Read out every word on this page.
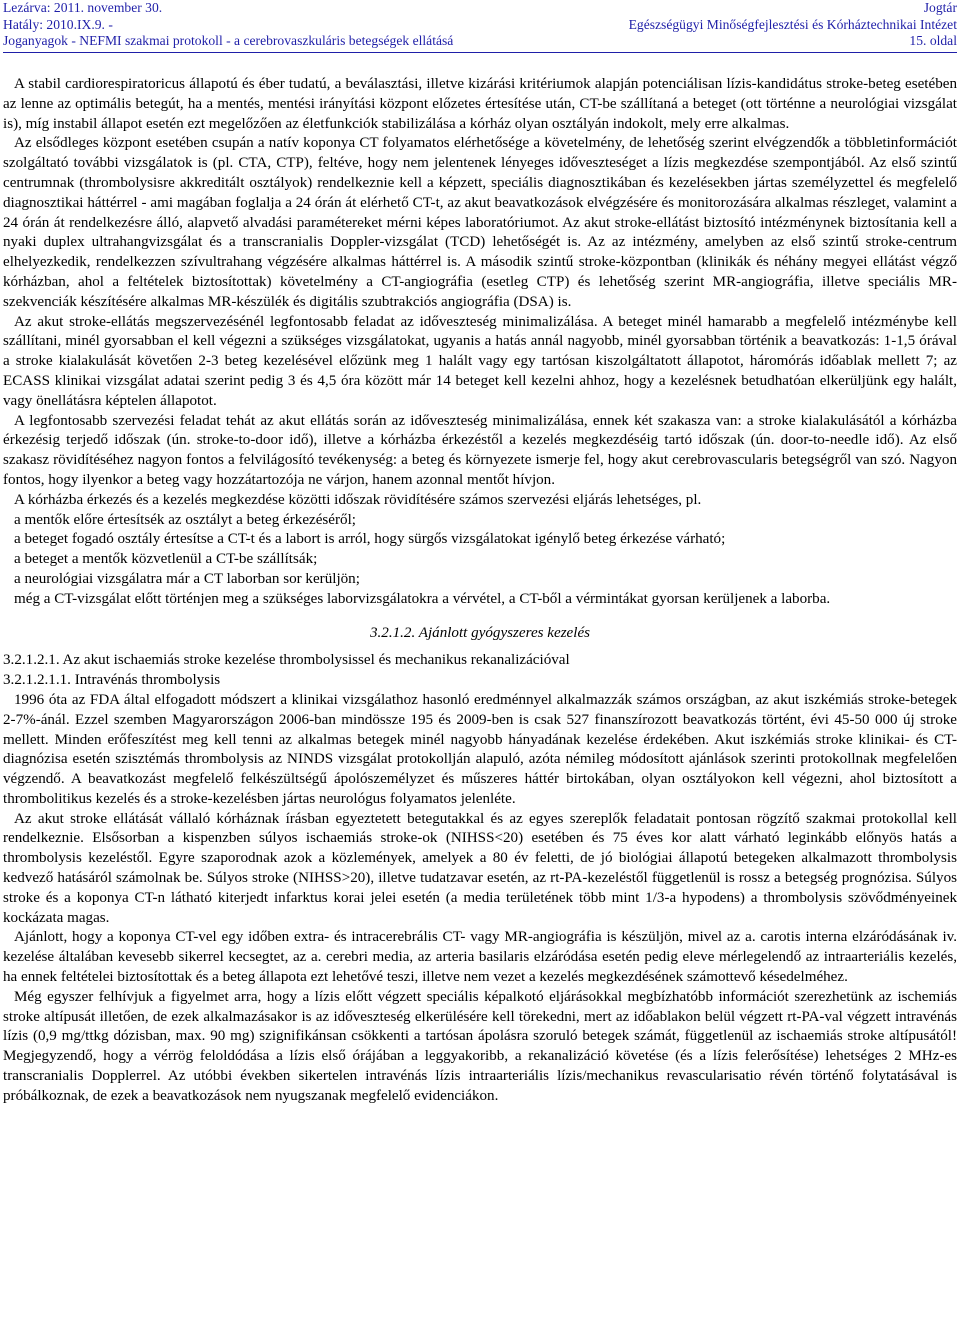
Lezárva: 2011. november 30.	Jogtár
Hatály: 2010.IX.9. -	Egészségügyi Minőségfejlesztési és Kórháztechnikai Intézet
Joganyagok - NEFMI szakmai protokoll - a cerebrovaszkuláris betegségek ellátásá	15. oldal

A stabil cardiorespiratoricus állapotú és éber tudatú, a beválasztási, illetve kizárási kritériumok alapján potenciálisan lízis-kandidátus stroke-beteg esetében az lenne az optimális betegút, ha a mentés, mentési irányítási központ előzetes értesítése után, CT-be szállítaná a beteget (ott történne a neurológiai vizsgálat is), míg instabil állapot esetén ezt megelőzően az életfunkciók stabilizálása a kórház olyan osztályán indokolt, mely erre alkalmas.

Az elsődleges központ esetében csupán a natív koponya CT folyamatos elérhetősége a követelmény, de lehetőség szerint elvégzendők a többletinformációt szolgáltató további vizsgálatok is (pl. CTA, CTP), feltéve, hogy nem jelentenek lényeges időveszteséget a lízis megkezdése szempontjából. Az első szintű centrumnak (thrombolysisre akkreditált osztályok) rendelkeznie kell a képzett, speciális diagnosztikában és kezelésekben jártas személyzettel és megfelelő diagnosztikai háttérrel - ami magában foglalja a 24 órán át elérhető CT-t, az akut beavatkozások elvégzésére és monitorozására alkalmas részleget, valamint a 24 órán át rendelkezésre álló, alapvető alvadási paramétereket mérni képes laboratóriumot. Az akut stroke-ellátást biztosító intézménynek biztosítania kell a nyaki duplex ultrahangvizsgálat és a transcranialis Doppler-vizsgálat (TCD) lehetőségét is. Az az intézmény, amelyben az első szintű stroke-centrum elhelyezkedik, rendelkezzen szívultrahang végzésére alkalmas háttérrel is. A második szintű stroke-központban (klinikák és néhány megyei ellátást végző kórházban, ahol a feltételek biztosítottak) követelmény a CT-angiográfia (esetleg CTP) és lehetőség szerint MR-angiográfia, illetve speciális MR-szekvenciák készítésére alkalmas MR-készülék és digitális szubtrakciós angiográfia (DSA) is.

Az akut stroke-ellátás megszervezésénél legfontosabb feladat az időveszteség minimalizálása. A beteget minél hamarabb a megfelelő intézménybe kell szállítani, minél gyorsabban el kell végezni a szükséges vizsgálatokat, ugyanis a hatás annál nagyobb, minél gyorsabban történik a beavatkozás: 1-1,5 órával a stroke kialakulását követően 2-3 beteg kezelésével előzünk meg 1 halált vagy egy tartósan kiszolgáltatott állapotot, háromórás időablak mellett 7; az ECASS klinikai vizsgálat adatai szerint pedig 3 és 4,5 óra között már 14 beteget kell kezelni ahhoz, hogy a kezelésnek betudhatóan elkerüljünk egy halált, vagy önellátásra képtelen állapotot.

A legfontosabb szervezési feladat tehát az akut ellátás során az időveszteség minimalizálása, ennek két szakasza van: a stroke kialakulásától a kórházba érkezésig terjedő időszak (ún. stroke-to-door idő), illetve a kórházba érkezéstől a kezelés megkezdéséig tartó időszak (ún. door-to-needle idő). Az első szakasz rövidítéséhez nagyon fontos a felvilágosító tevékenység: a beteg és környezete ismerje fel, hogy akut cerebrovascularis betegségről van szó. Nagyon fontos, hogy ilyenkor a beteg vagy hozzátartozója ne várjon, hanem azonnal mentőt hívjon.

A kórházba érkezés és a kezelés megkezdése közötti időszak rövidítésére számos szervezési eljárás lehetséges, pl.

a mentők előre értesítsék az osztályt a beteg érkezéséről;

a beteget fogadó osztály értesítse a CT-t és a labort is arról, hogy sürgős vizsgálatokat igénylő beteg érkezése várható;

a beteget a mentők közvetlenül a CT-be szállítsák;

a neurológiai vizsgálatra már a CT laborban sor kerüljön;

még a CT-vizsgálat előtt történjen meg a szükséges laborvizsgálatokra a vérvétel, a CT-ből a vérmintákat gyorsan kerüljenek a laborba.

3.2.1.2. Ajánlott gyógyszeres kezelés

3.2.1.2.1. Az akut ischaemiás stroke kezelése thrombolysissel és mechanikus rekanalizációval

3.2.1.2.1.1. Intravénás thrombolysis

1996 óta az FDA által elfogadott módszert a klinikai vizsgálathoz hasonló eredménnyel alkalmazzák számos országban, az akut iszkémiás stroke-betegek 2-7%-ánál. Ezzel szemben Magyarországon 2006-ban mindössze 195 és 2009-ben is csak 527 finanszírozott beavatkozás történt, évi 45-50 000 új stroke mellett. Minden erőfeszítést meg kell tenni az alkalmas betegek minél nagyobb hányadának kezelése érdekében. Akut iszkémiás stroke klinikai- és CT-diagnózisa esetén szisztémás thrombolysis az NINDS vizsgálat protokollján alapuló, azóta némileg módosított ajánlások szerinti protokollnak megfelelően végzendő. A beavatkozást megfelelő felkészültségű ápolószemélyzet és műszeres háttér birtokában, olyan osztályokon kell végezni, ahol biztosított a thrombolitikus kezelés és a stroke-kezelésben jártas neurológus folyamatos jelenléte.

Az akut stroke ellátását vállaló kórháznak írásban egyeztetett betegutakkal és az egyes szereplők feladatait pontosan rögzítő szakmai protokollal kell rendelkeznie. Elsősorban a kispenzben súlyos ischaemiás stroke-ok (NIHSS<20) esetében és 75 éves kor alatt várható leginkább előnyös hatás a thrombolysis kezeléstől. Egyre szaporodnak azok a közlemények, amelyek a 80 év feletti, de jó biológiai állapotú betegeken alkalmazott thrombolysis kedvező hatásáról számolnak be. Súlyos stroke (NIHSS>20), illetve tudatzavar esetén, az rt-PA-kezeléstől függetlenül is rossz a betegség prognózisa. Súlyos stroke és a koponya CT-n látható kiterjedt infarktus korai jelei esetén (a media területének több mint 1/3-a hypodens) a thrombolysis szövődményeinek kockázata magas.

Ajánlott, hogy a koponya CT-vel egy időben extra- és intracerebrális CT- vagy MR-angiográfia is készüljön, mivel az a. carotis interna elzáródásának iv. kezelése általában kevesebb sikerrel kecsegtet, az a. cerebri media, az arteria basilaris elzáródása esetén pedig eleve mérlegelendő az intraarteriális kezelés, ha ennek feltételei biztosítottak és a beteg állapota ezt lehetővé teszi, illetve nem vezet a kezelés megkezdésének számottevő késedelméhez.

Még egyszer felhívjuk a figyelmet arra, hogy a lízis előtt végzett speciális képalkotó eljárásokkal megbízhatóbb információt szerezhetünk az ischemiás stroke altípusát illetően, de ezek alkalmazásakor is az időveszteség elkerülésére kell törekedni, mert az időablakon belül végzett rt-PA-val végzett intravénás lízis (0,9 mg/ttkg dózisban, max. 90 mg) szignifikánsan csökkenti a tartósan ápolásra szoruló betegek számát, függetlenül az ischaemiás stroke altípusától! Megjegyzendő, hogy a vérrög feloldódása a lízis első órájában a leggyakoribb, a rekanalizáció követése (és a lízis felerősítése) lehetséges 2 MHz-es transcranialis Dopplerrel. Az utóbbi években sikertelen intravénás lízis intraarteriális lízis/mechanikus revascularisatio révén történő folytatásával is próbálkoznak, de ezek a beavatkozások nem nyugszanak megfelelő evidenciákon.
